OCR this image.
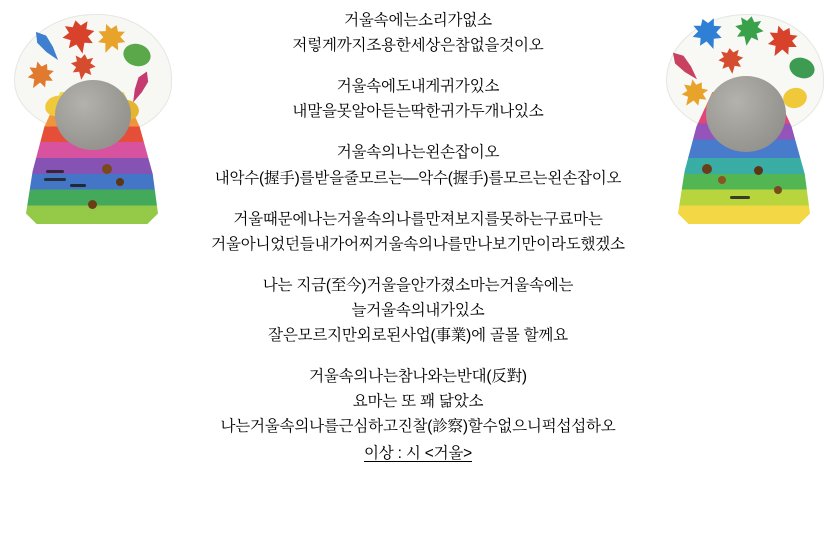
거울속에는소리가없소
저렇게까지조용한세상은참없을것이오
거울속에도내게귀가있소
내말을못알아듣는﻿딱한귀가두개나있소
거울속의나는왼손잡이오
내악수(握手)를받을줄모르는—악수(握手)를모르는왼손잡이오
거울때문에나는거울속의나를만져보지를못하는구료마는
거울아니었던들내가어찌거울속의나를만나보기만이라도했겠소
나는 지금(至今)거울을안가졌소마는거울속에는
늘거울속의내가있소
잘은모르지만외로된사업(事業)에 골몰 할께요
거울속의나는참나와는반대(反對)
요마는 또 꽤 닮았소
나는거울속의나를근심하고진찰(診察)할수없으니퍽섭섭하오
이상 : 시 <거울>
